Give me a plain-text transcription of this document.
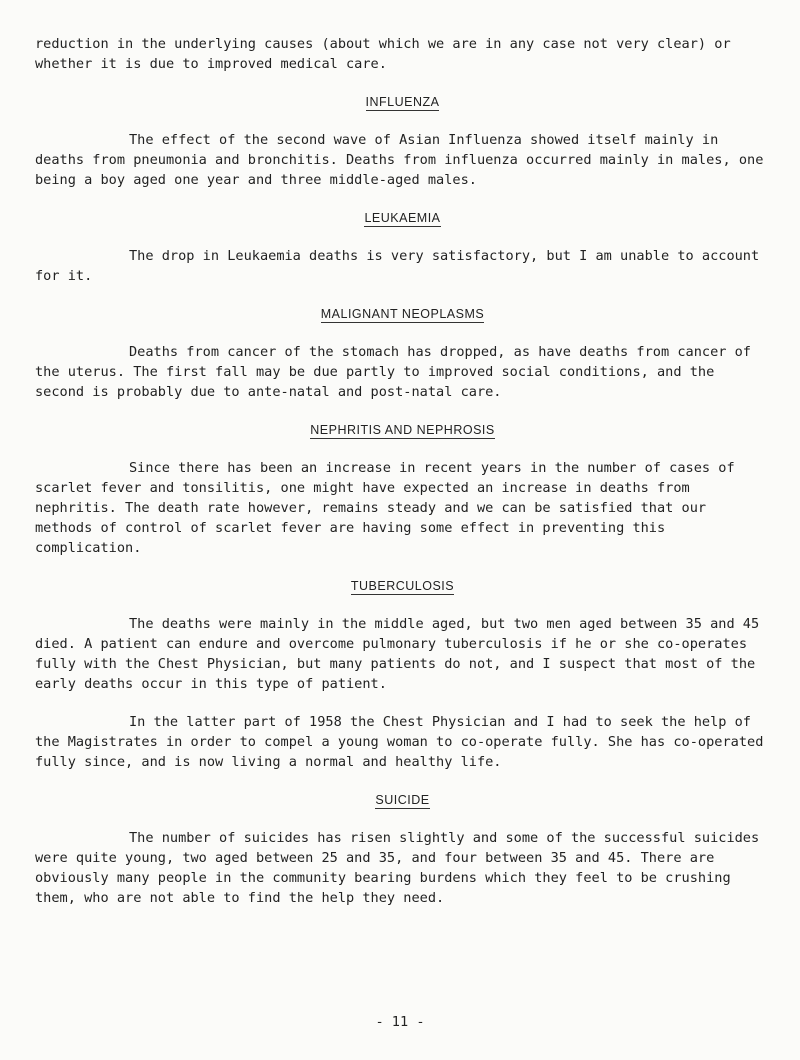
reduction in the underlying causes (about which we are in any case not very clear) or whether it is due to improved medical care.

INFLUENZA

The effect of the second wave of Asian Influenza showed itself mainly in deaths from pneumonia and bronchitis. Deaths from influenza occurred mainly in males, one being a boy aged one year and three middle-aged males.

LEUKAEMIA

The drop in Leukaemia deaths is very satisfactory, but I am unable to account for it.

MALIGNANT NEOPLASMS

Deaths from cancer of the stomach has dropped, as have deaths from cancer of the uterus. The first fall may be due partly to improved social conditions, and the second is probably due to ante-natal and post-natal care.

NEPHRITIS AND NEPHROSIS

Since there has been an increase in recent years in the number of cases of scarlet fever and tonsilitis, one might have expected an increase in deaths from nephritis. The death rate however, remains steady and we can be satisfied that our methods of control of scarlet fever are having some effect in preventing this complication.

TUBERCULOSIS

The deaths were mainly in the middle aged, but two men aged between 35 and 45 died. A patient can endure and overcome pulmonary tuberculosis if he or she co-operates fully with the Chest Physician, but many patients do not, and I suspect that most of the early deaths occur in this type of patient.

In the latter part of 1958 the Chest Physician and I had to seek the help of the Magistrates in order to compel a young woman to co-operate fully. She has co-operated fully since, and is now living a normal and healthy life.

SUICIDE

The number of suicides has risen slightly and some of the successful suicides were quite young, two aged between 25 and 35, and four between 35 and 45. There are obviously many people in the community bearing burdens which they feel to be crushing them, who are not able to find the help they need.

- 11 -
